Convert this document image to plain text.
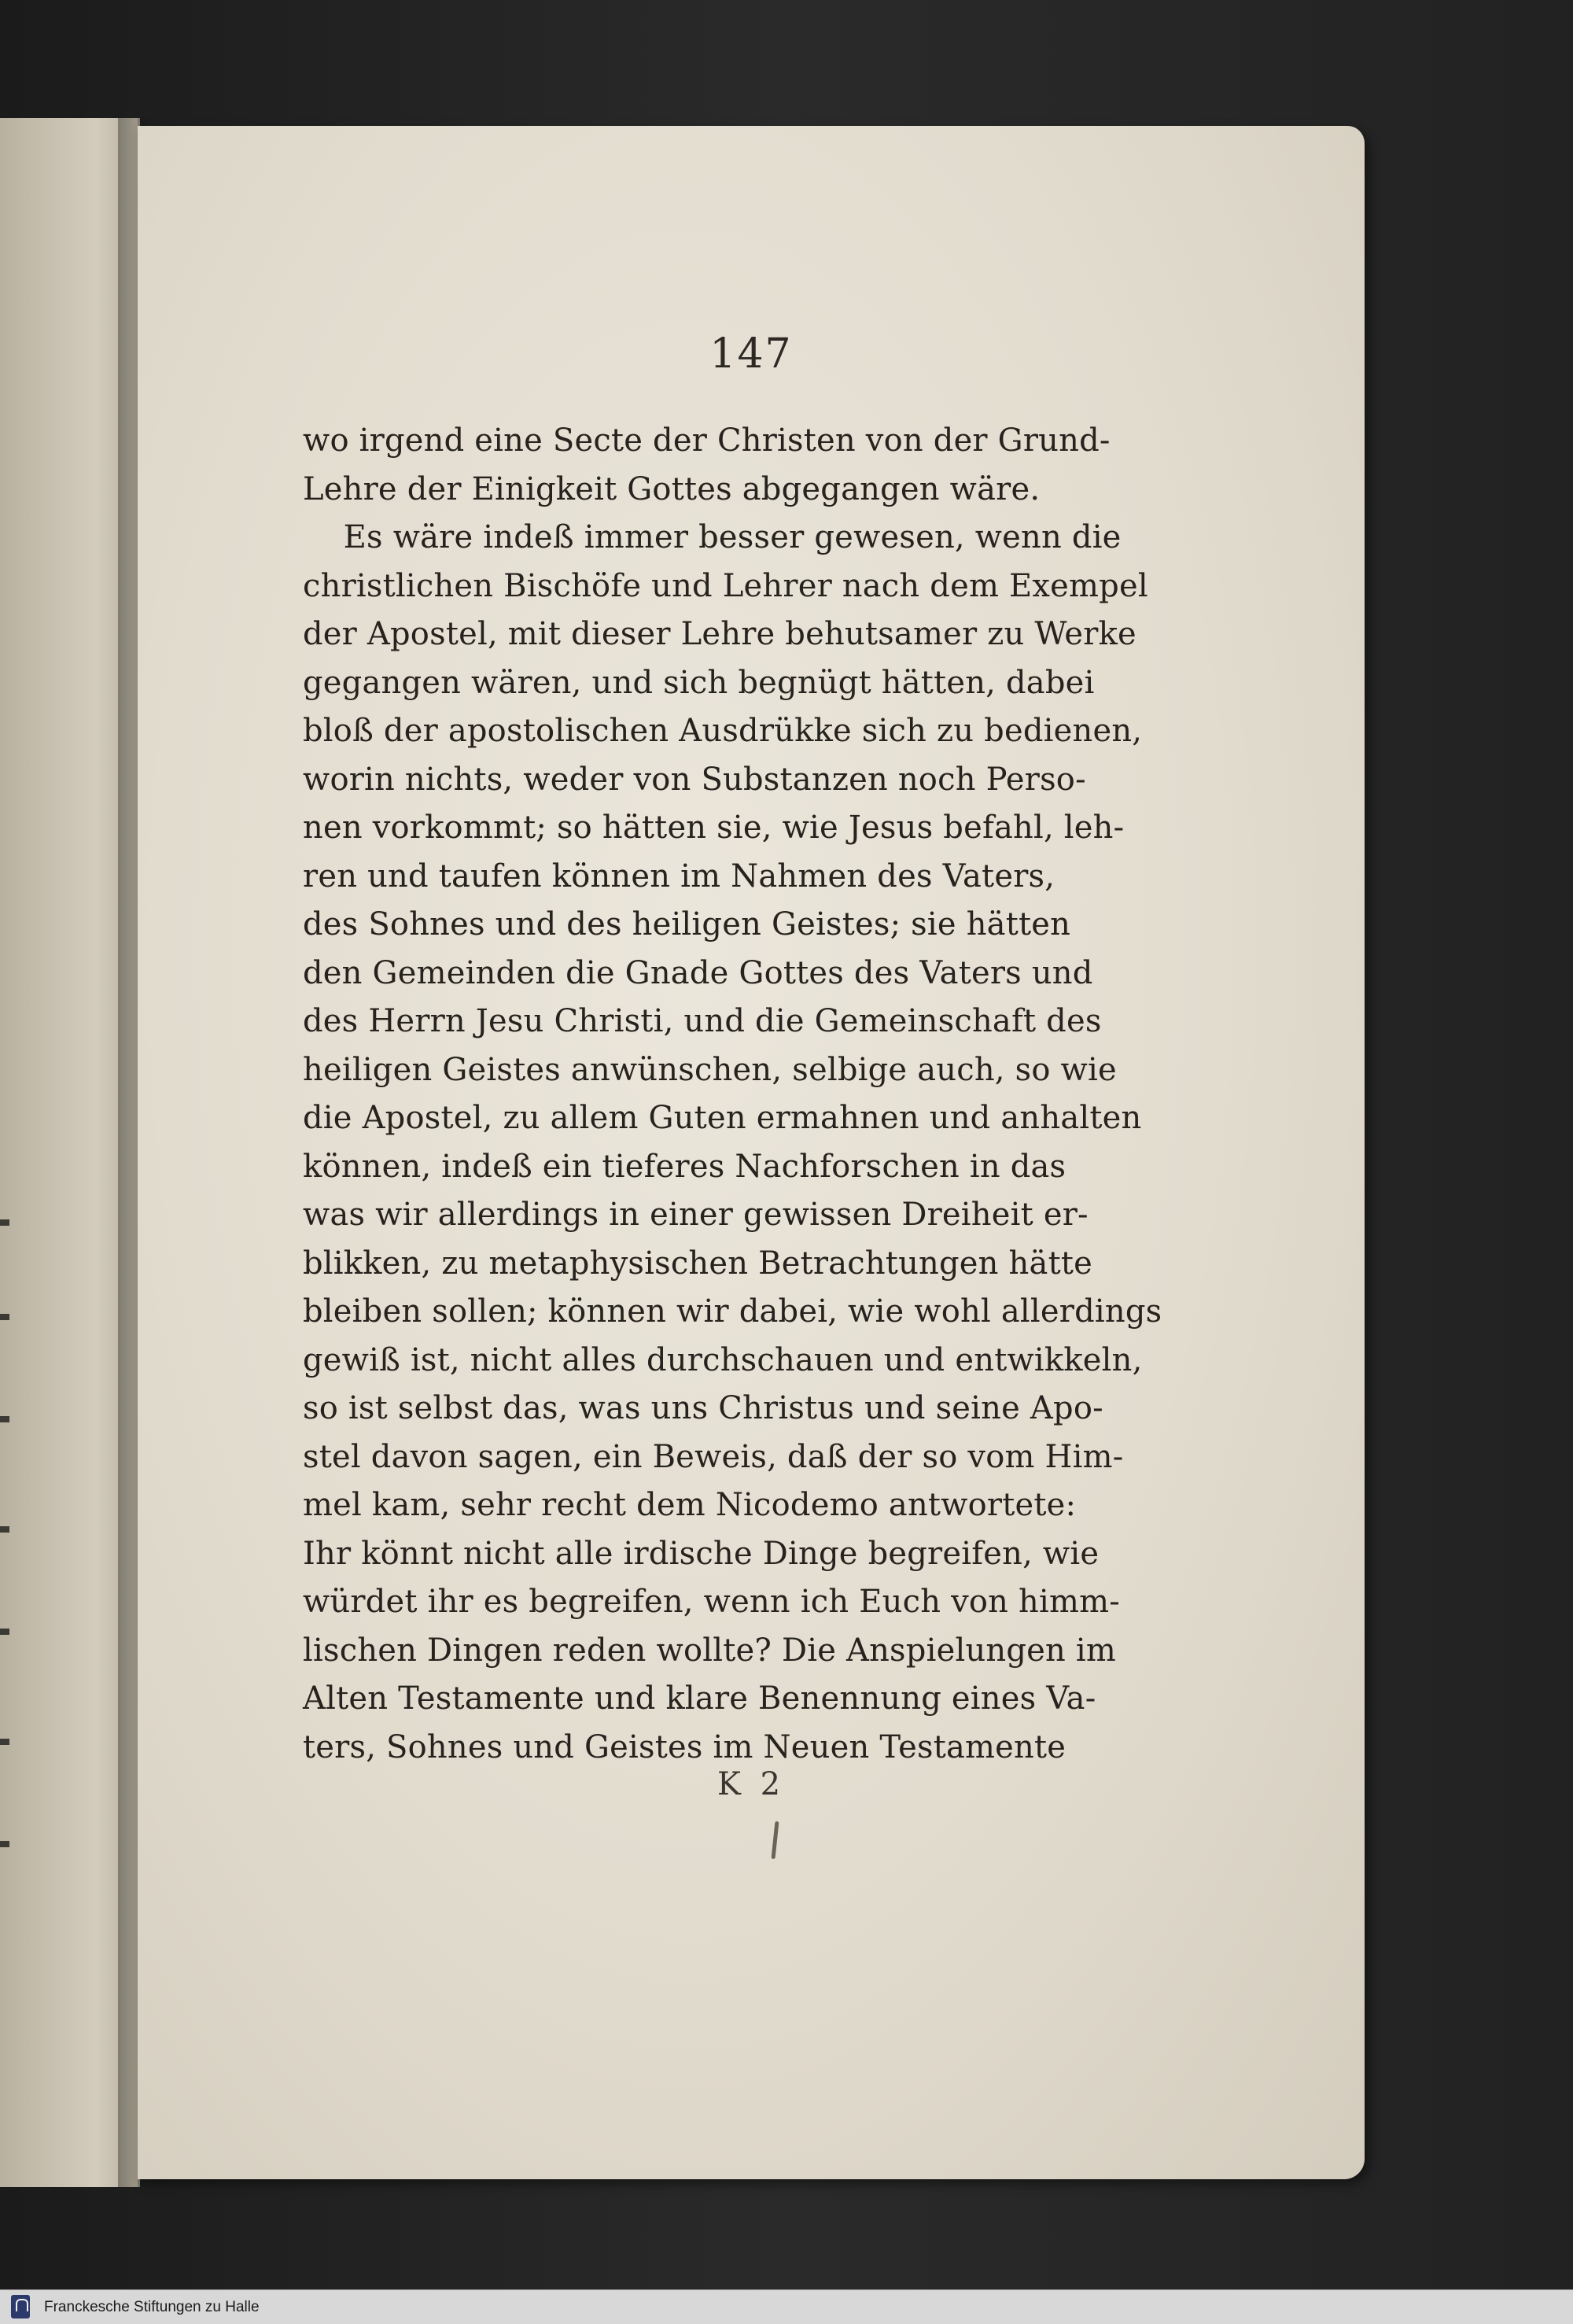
147
wo irgend eine Secte der Christen von der Grund-
Lehre der Einigkeit Gottes abgegangen wäre.
Es wäre indeß immer besser gewesen, wenn die
christlichen Bischöfe und Lehrer nach dem Exempel
der Apostel, mit dieser Lehre behutsamer zu Werke
gegangen wären, und sich begnügt hätten, dabei
bloß der apostolischen Ausdrükke sich zu bedienen,
worin nichts, weder von Substanzen noch Perso-
nen vorkommt; so hätten sie, wie Jesus befahl, leh-
ren und taufen können im Nahmen des Vaters,
des Sohnes und des heiligen Geistes; sie hätten
den Gemeinden die Gnade Gottes des Vaters und
des Herrn Jesu Christi, und die Gemeinschaft des
heiligen Geistes anwünschen, selbige auch, so wie
die Apostel, zu allem Guten ermahnen und anhalten
können, indeß ein tieferes Nachforschen in das
was wir allerdings in einer gewissen Dreiheit er-
blikken, zu metaphysischen Betrachtungen hätte
bleiben sollen; können wir dabei, wie wohl allerdings
gewiß ist, nicht alles durchschauen und entwikkeln,
so ist selbst das, was uns Christus und seine Apo-
stel davon sagen, ein Beweis, daß der so vom Him-
mel kam, sehr recht dem Nicodemo antwortete:
Ihr könnt nicht alle irdische Dinge begreifen, wie
würdet ihr es begreifen, wenn ich Euch von himm-
lischen Dingen reden wollte? Die Anspielungen im
Alten Testamente und klare Benennung eines Va-
ters, Sohnes und Geistes im Neuen Testamente
K 2
Franckesche Stiftungen zu Halle
